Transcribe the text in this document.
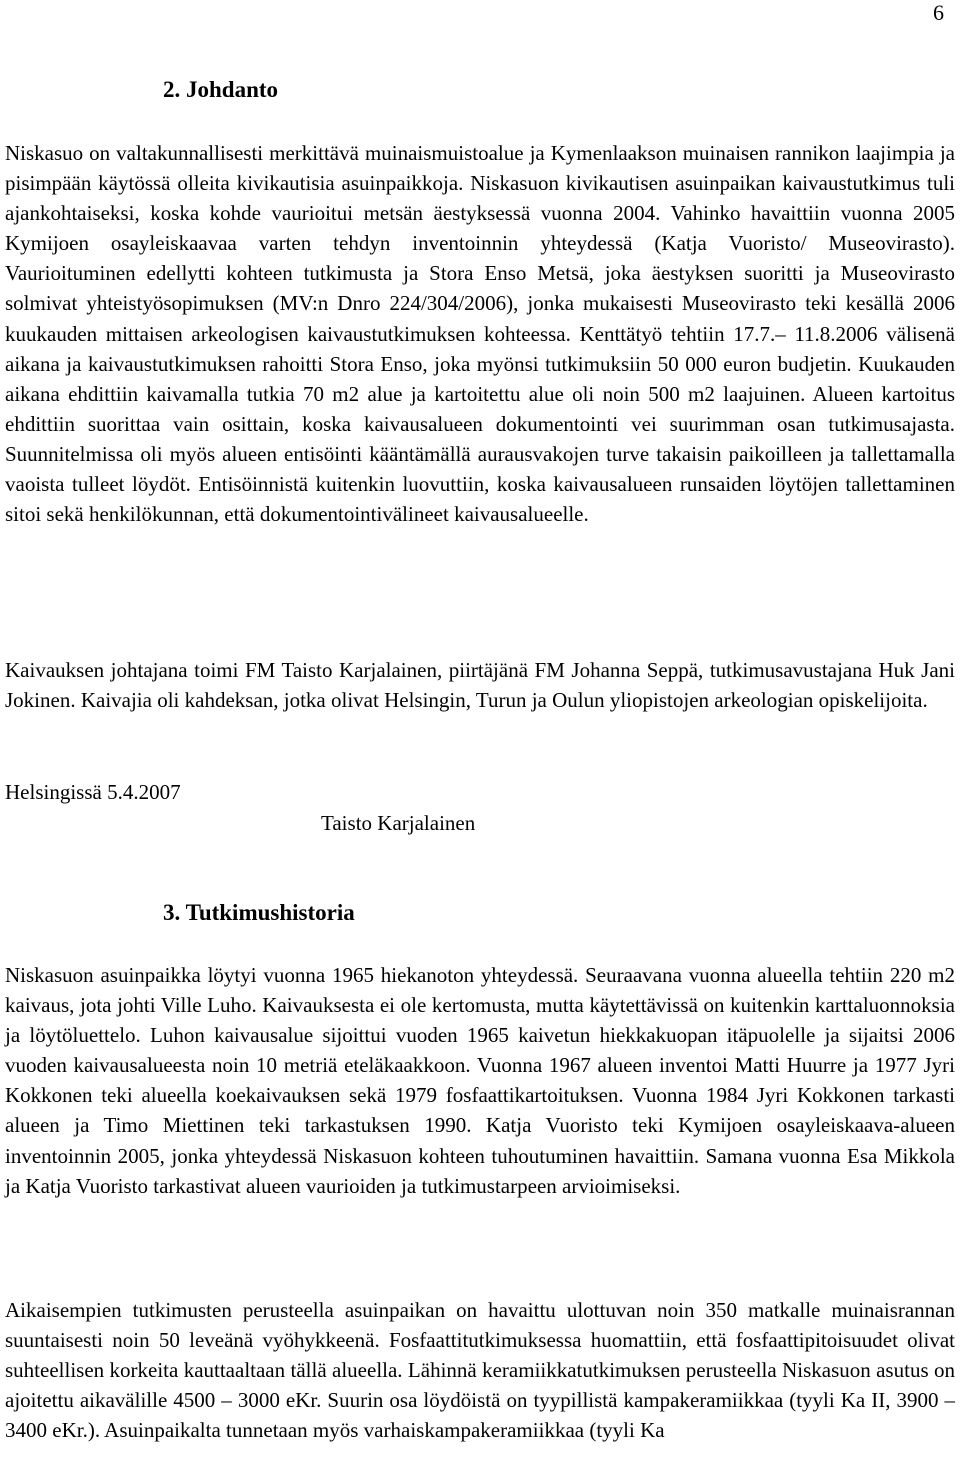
6
2. Johdanto

Niskasuo on valtakunnallisesti merkittävä muinaismuistoalue ja Kymenlaakson muinaisen rannikon laajimpia ja pisimpään käytössä olleita kivikautisia asuinpaikkoja. Niskasuon kivikautisen asuinpaikan kaivaustutkimus tuli ajankohtaiseksi, koska kohde vaurioitui metsän äestyksessä vuonna 2004. Vahinko havaittiin vuonna 2005 Kymijoen osayleiskaavaa varten tehdyn inventoinnin yhteydessä (Katja Vuoristo/ Museovirasto). Vaurioituminen edellytti kohteen tutkimusta ja Stora Enso Metsä, joka äestyksen suoritti ja Museovirasto solmivat yhteistyösopimuksen (MV:n Dnro 224/304/2006), jonka mukaisesti Museovirasto teki kesällä 2006 kuukauden mittaisen arkeologisen kaivaustutkimuksen kohteessa. Kenttätyö tehtiin 17.7.– 11.8.2006 välisenä aikana ja kaivaustutkimuksen rahoitti Stora Enso, joka myönsi tutkimuksiin 50 000 euron budjetin. Kuukauden aikana ehdittiin kaivamalla tutkia 70 m2 alue ja kartoitettu alue oli noin 500 m2 laajuinen. Alueen kartoitus ehdittiin suorittaa vain osittain, koska kaivausalueen dokumentointi vei suurimman osan tutkimusajasta. Suunnitelmissa oli myös alueen entisöinti kääntämällä aurausvakojen turve takaisin paikoilleen ja tallettamalla vaoista tulleet löydöt. Entisöinnistä kuitenkin luovuttiin, koska kaivausalueen runsaiden löytöjen tallettaminen sitoi sekä henkilökunnan, että dokumentointivälineet kaivausalueelle.

Kaivauksen johtajana toimi FM Taisto Karjalainen, piirtäjänä FM Johanna Seppä, tutkimusavustajana Huk Jani Jokinen. Kaivajia oli kahdeksan, jotka olivat Helsingin, Turun ja Oulun yliopistojen arkeologian opiskelijoita.

Helsingissä 5.4.2007

Taisto Karjalainen

3. Tutkimushistoria

Niskasuon asuinpaikka löytyi vuonna 1965 hiekanoton yhteydessä. Seuraavana vuonna alueella tehtiin 220 m2 kaivaus, jota johti Ville Luho. Kaivauksesta ei ole kertomusta, mutta käytettävissä on kuitenkin karttaluonnoksia ja löytöluettelo. Luhon kaivausalue sijoittui vuoden 1965 kaivetun hiekkakuopan itäpuolelle ja sijaitsi 2006 vuoden kaivausalueesta noin 10 metriä eteläkaakkoon. Vuonna 1967 alueen inventoi Matti Huurre ja 1977 Jyri Kokkonen teki alueella koekaivauksen sekä 1979 fosfaattikartoituksen. Vuonna 1984 Jyri Kokkonen tarkasti alueen ja Timo Miettinen teki tarkastuksen 1990. Katja Vuoristo teki Kymijoen osayleiskaava-alueen inventoinnin 2005, jonka yhteydessä Niskasuon kohteen tuhoutuminen havaittiin. Samana vuonna Esa Mikkola ja Katja Vuoristo tarkastivat alueen vaurioiden ja tutkimustarpeen arvioimiseksi.

Aikaisempien tutkimusten perusteella asuinpaikan on havaittu ulottuvan noin 350 matkalle muinaisrannan suuntaisesti noin 50 leveänä vyöhykkeenä. Fosfaattitutkimuksessa huomattiin, että fosfaattipitoisuudet olivat suhteellisen korkeita kauttaaltaan tällä alueella. Lähinnä keramiikkatutkimuksen perusteella Niskasuon asutus on ajoitettu aikavälille 4500 – 3000 eKr. Suurin osa löydöistä on tyypillistä kampakeramiikkaa (tyyli Ka II, 3900 – 3400 eKr.). Asuinpaikalta tunnetaan myös varhaiskampakeramiikkaa (tyyli Ka
